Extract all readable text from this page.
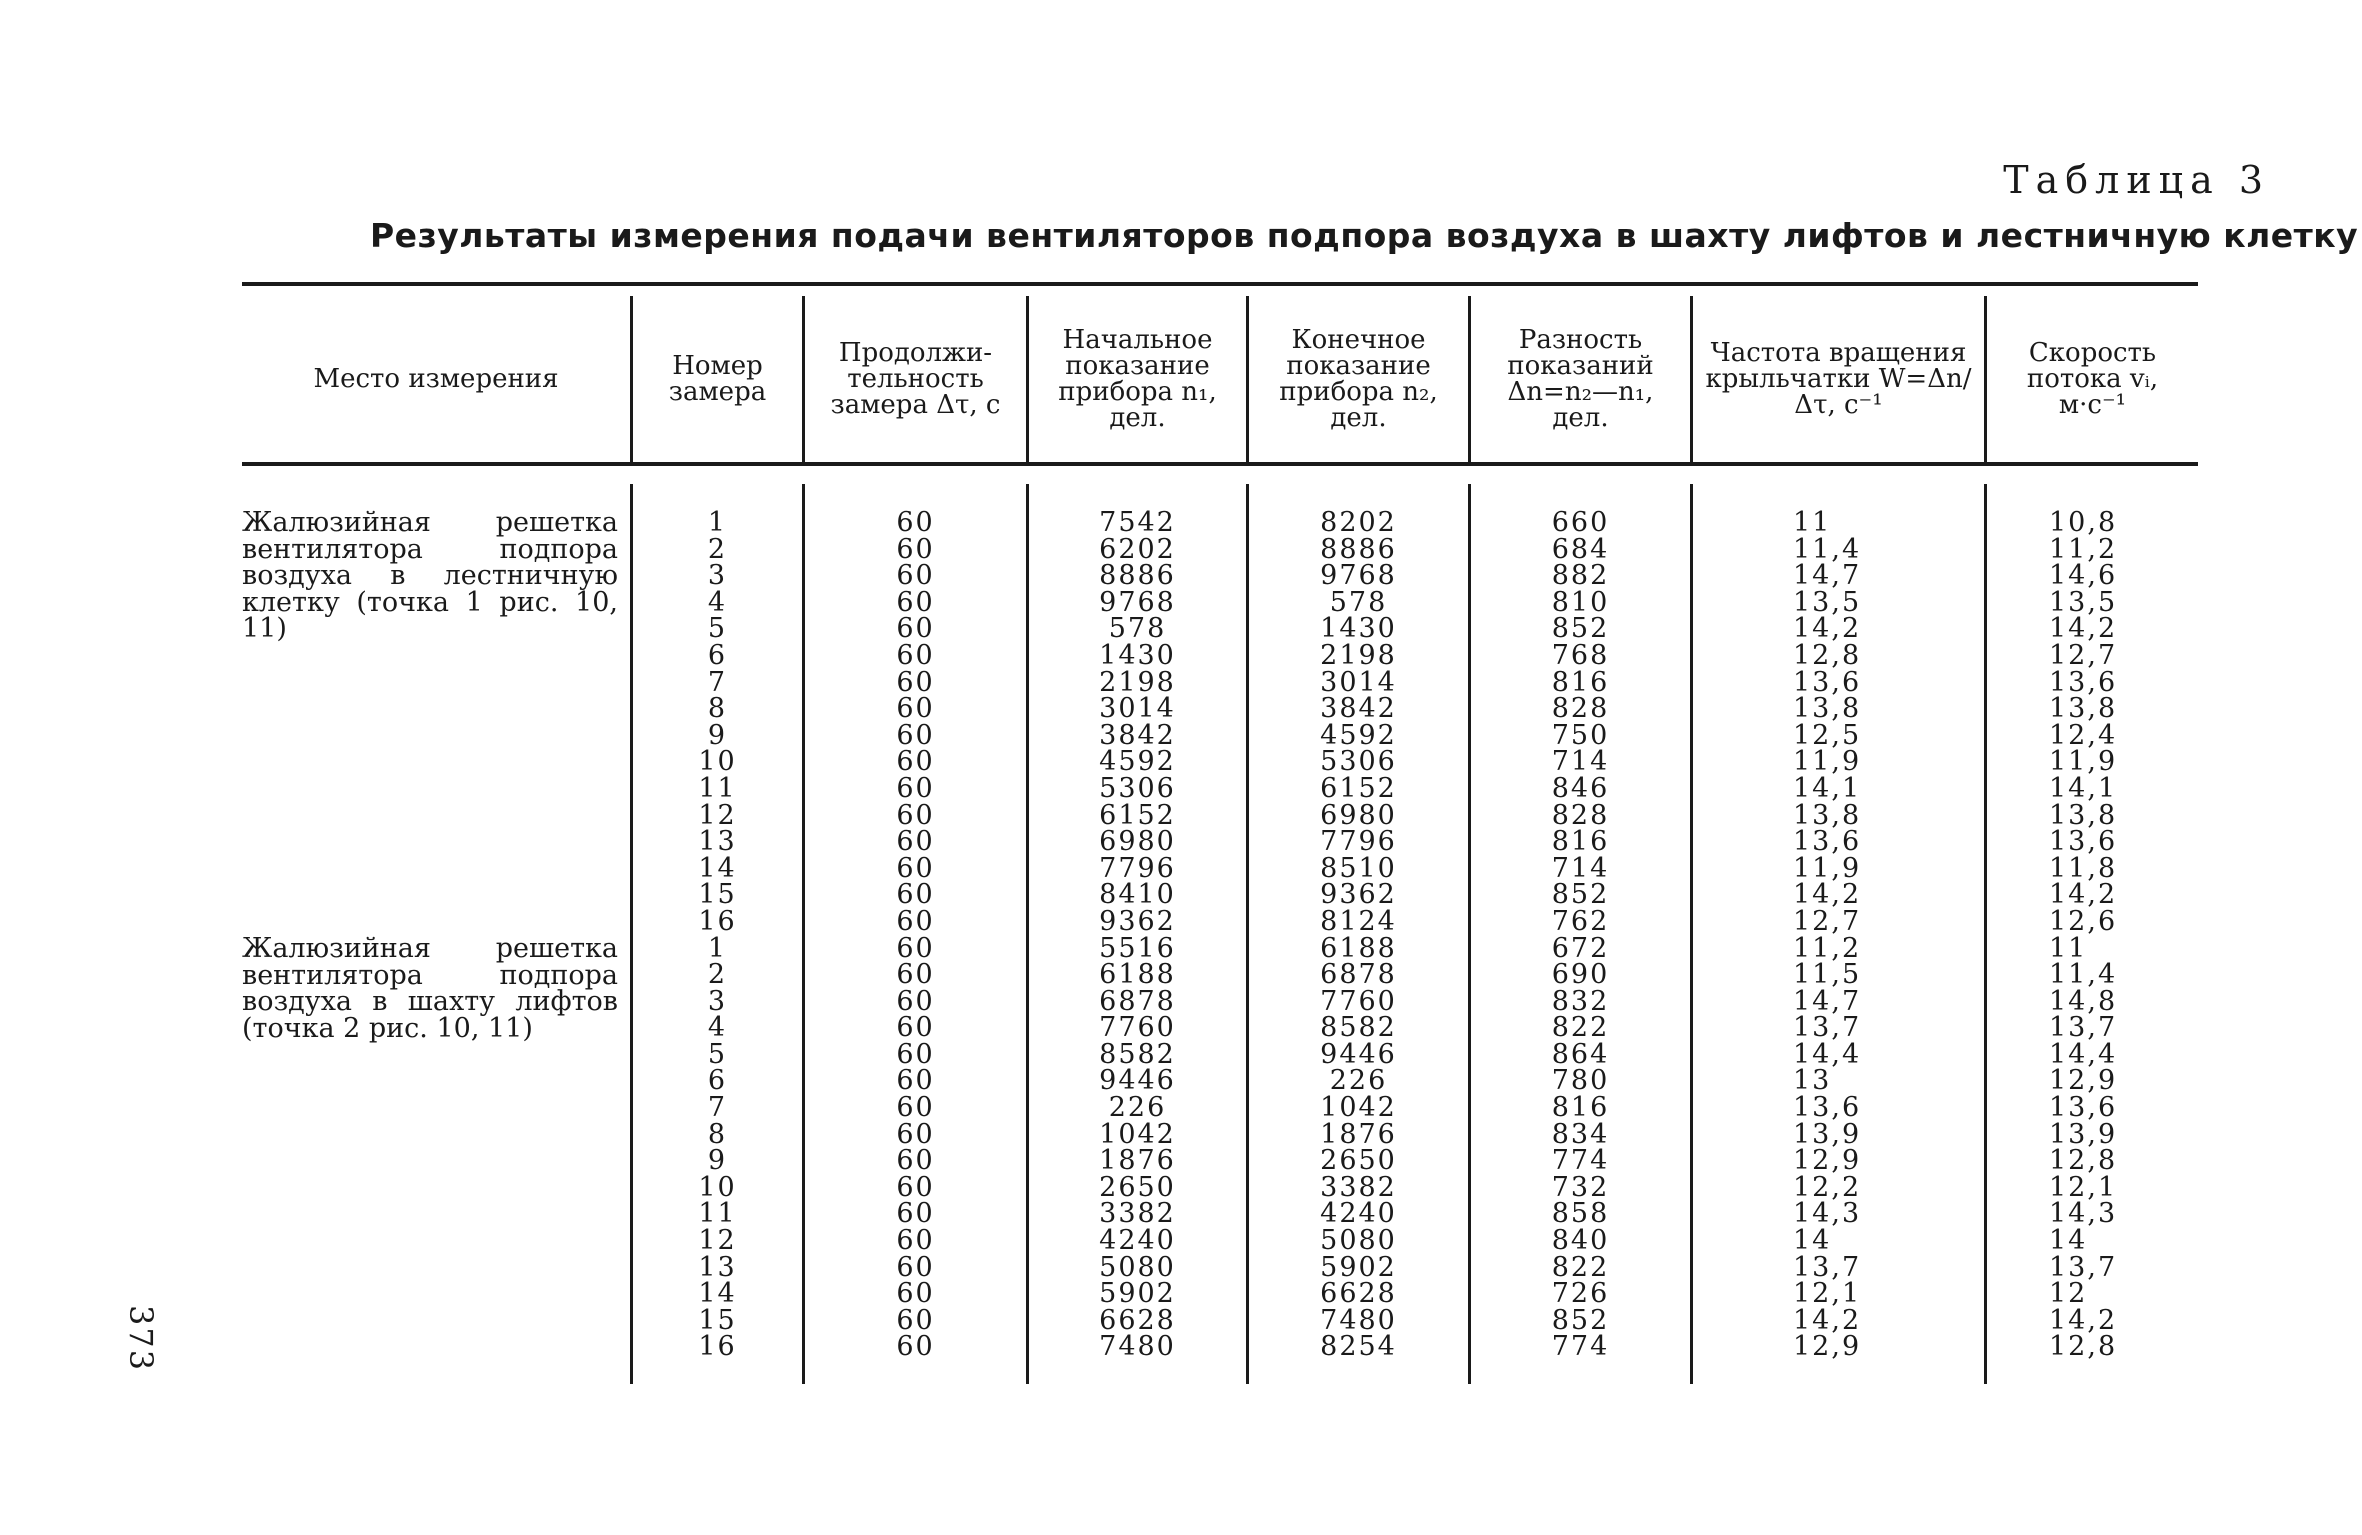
Таблица 3
Результаты измерения подачи вентиляторов подпора воздуха в шахту лифтов и лестничную клетку
Место измерения	Номер замера
Продолжи-тельность замера Δτ, с
Начальное показание прибора n₁, дел.
Конечное показание прибора n₂, дел.
Разность показаний Δn=n₂—n₁, дел.
Частота вращения крыльчатки W=Δn/Δτ, с⁻¹
Скорость потока vᵢ, м·с⁻¹

Жалюзийная решетка вентилятора подпора воздуха в лестничную клетку (точка 1 рис. 10, 11)

Жалюзийная решетка вентилятора подпора воздуха в шахту лифтов (точка 2 рис. 10, 11)

1
2
3
4
5
6
7
8
9
10
11
12
13
14
15
16
1
2
3
4
5
6
7
8
9
10
11
12
13
14
15
16
60
60
60
60
60
60
60
60
60
60
60
60
60
60
60
60
60
60
60
60
60
60
60
60
60
60
60
60
60
60
60
60
7542
6202
8886
9768
578
1430
2198
3014
3842
4592
5306
6152
6980
7796
8410
9362
5516
6188
6878
7760
8582
9446
226
1042
1876
2650
3382
4240
5080
5902
6628
7480
8202
8886
9768
578
1430
2198
3014
3842
4592
5306
6152
6980
7796
8510
9362
8124
6188
6878
7760
8582
9446
226
1042
1876
2650
3382
4240
5080
5902
6628
7480
8254
660
684
882
810
852
768
816
828
750
714
846
828
816
714
852
762
672
690
832
822
864
780
816
834
774
732
858
840
822
726
852
774
11
11,4
14,7
13,5
14,2
12,8
13,6
13,8
12,5
11,9
14,1
13,8
13,6
11,9
14,2
12,7
11,2
11,5
14,7
13,7
14,4
13
13,6
13,9
12,9
12,2
14,3
14
13,7
12,1
14,2
12,9
10,8
11,2
14,6
13,5
14,2
12,7
13,6
13,8
12,4
11,9
14,1
13,8
13,6
11,8
14,2
12,6
11
11,4
14,8
13,7
14,4
12,9
13,6
13,9
12,8
12,1
14,3
14
13,7
12
14,2
12,8
373
